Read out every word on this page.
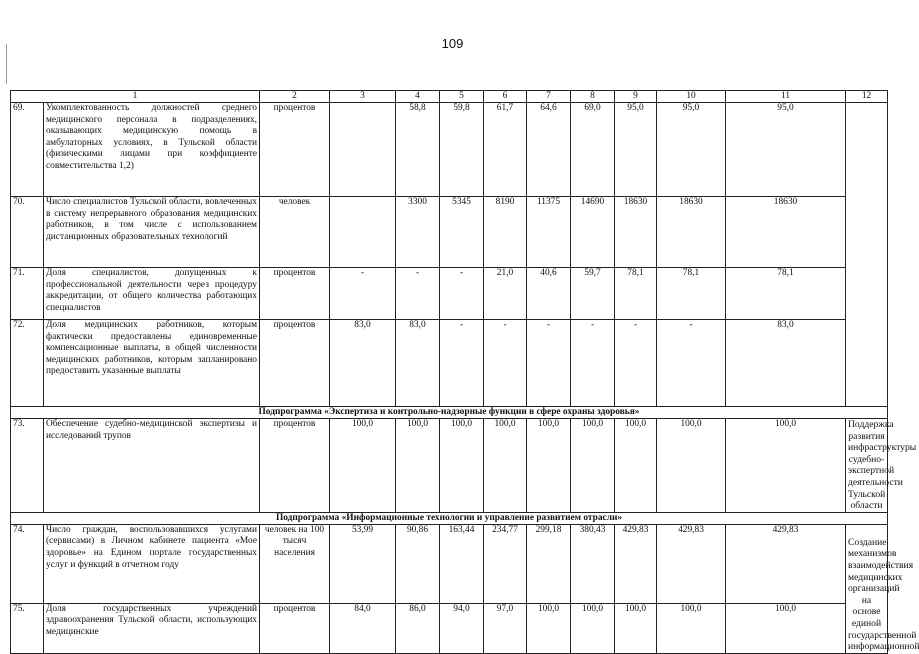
109
1		2	3	4	5	6	7	8	9	10	11	12
69.	Укомплектованность должностей среднего медицинского персонала в подразделениях, оказывающих медицинскую помощь в амбулаторных условиях, в Тульской области (физическими лицами при коэффициенте совместительства 1,2)	процентов		58,8	59,8	61,7	64,6	69,0	95,0	95,0	95,0	
70.	Число специалистов Тульской области, вовлеченных в систему непрерывного образования медицинских работников, в том числе с использованием дистанционных образовательных технологий	человек		3300	5345	8190	11375	14690	18630	18630	18630	
71.	Доля специалистов, допущенных к профессиональной деятельности через процедуру аккредитации, от общего количества работающих специалистов	процентов	-	-	-	21,0	40,6	59,7	78,1	78,1	78,1	
72.	Доля медицинских работников, которым фактически предоставлены единовременные компенсационные выплаты, в общей численности медицинских работников, которым запланировано предоставить указанные выплаты	процентов	83,0	83,0	-	-	-	-	-	-	83,0	
Подпрограмма «Экспертиза и контрольно-надзорные функции в сфере охраны здоровья»												
73.	Обеспечение судебно-медицинской экспертизы и исследований трупов	процентов	100,0	100,0	100,0	100,0	100,0	100,0	100,0	100,0	100,0	Поддержка развития инфраструктуры судебно-экспертной деятельности Тульской области
Подпрограмма «Информационные технологии и управление развитием отрасли»												
74.	Число граждан, воспользовавшихся услугами (сервисами) в Личном кабинете пациента «Мое здоровье» на Едином портале государственных услуг и функций в отчетном году	человек на 100 тысяч населения	53,99	90,86	163,44	234,77	299,18	380,43	429,83	429,83	429,83	Создание механизмов взаимодействия медицинских организаций на основе единой государственной информационной
75.	Доля государственных учреждений здравоохранения Тульской области, использующих медицинские	процентов	84,0	86,0	94,0	97,0	100,0	100,0	100,0	100,0	100,0	
